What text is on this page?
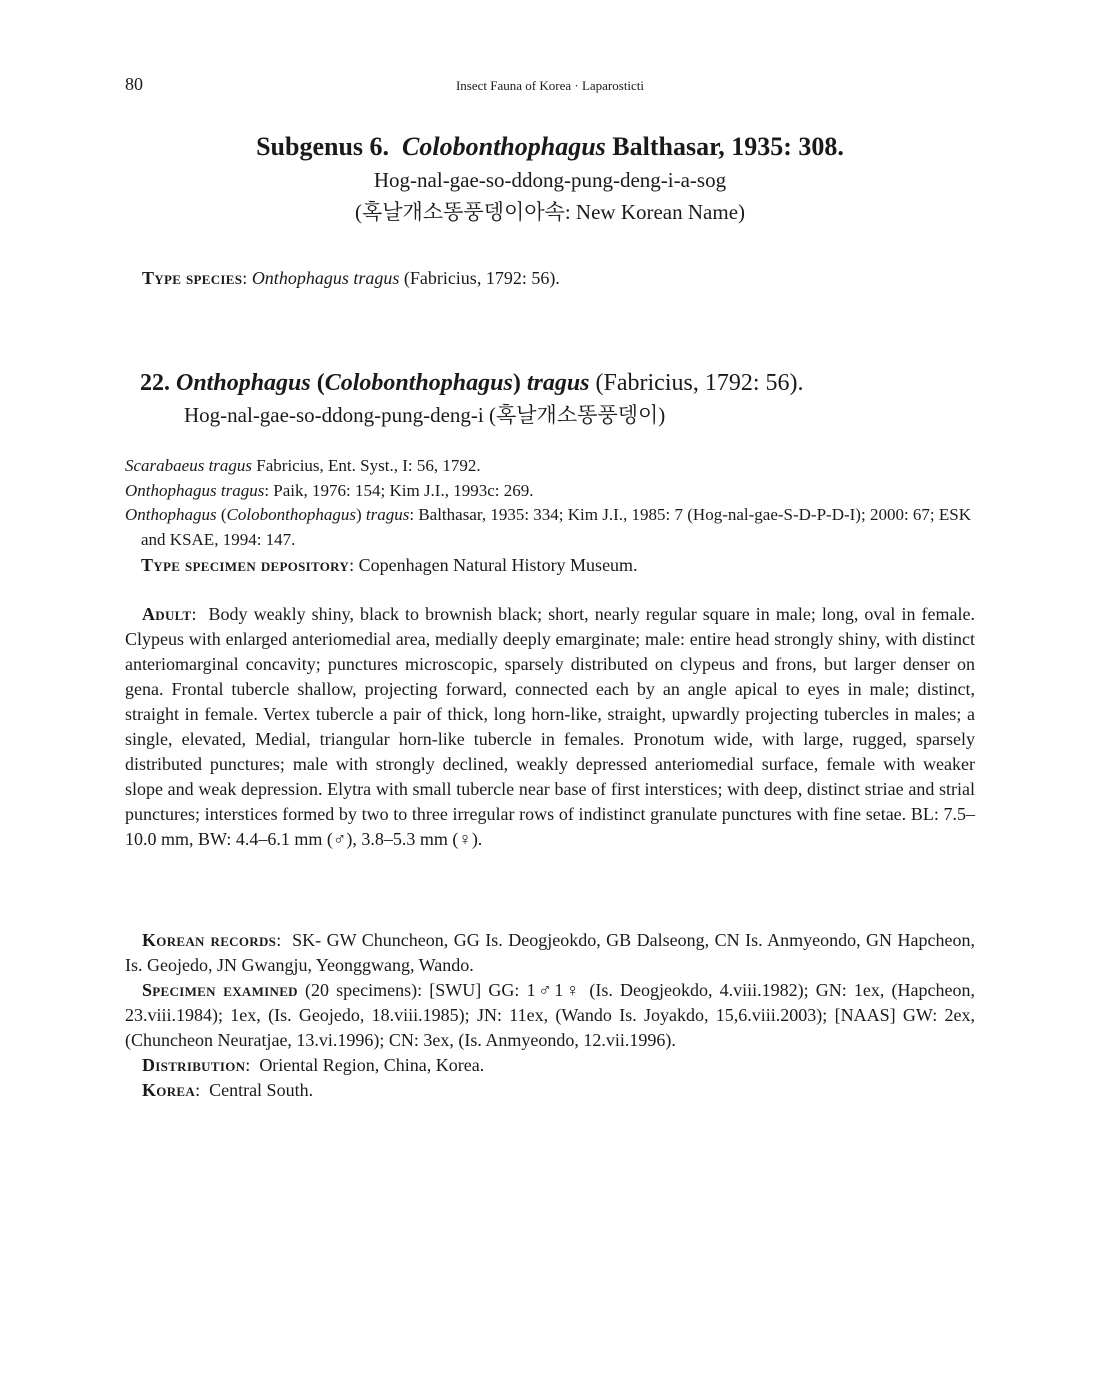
80	Insect Fauna of Korea · Laparosticti
Subgenus 6. Colobonthophagus Balthasar, 1935: 308.
Hog-nal-gae-so-ddong-pung-deng-i-a-sog
(혹날개소똥풍뎅이아속: New Korean Name)
Type species: Onthophagus tragus (Fabricius, 1792: 56).
22. Onthophagus (Colobonthophagus) tragus (Fabricius, 1792: 56).
Hog-nal-gae-so-ddong-pung-deng-i (혹날개소똥풍뎅이)
Scarabaeus tragus Fabricius, Ent. Syst., I: 56, 1792.
Onthophagus tragus: Paik, 1976: 154; Kim J.I., 1993c: 269.
Onthophagus (Colobonthophagus) tragus: Balthasar, 1935: 334; Kim J.I., 1985: 7 (Hog-nal-gae-S-D-P-D-I); 2000: 67; ESK and KSAE, 1994: 147.
Type specimen depository: Copenhagen Natural History Museum.
Adult:  Body weakly shiny, black to brownish black; short, nearly regular square in male; long, oval in female. Clypeus with enlarged anteriomedial area, medially deeply emarginate; male: entire head strongly shiny, with distinct anteriomarginal concavity; punctures microscopic, sparsely distributed on clypeus and frons, but larger denser on gena. Frontal tubercle shallow, projecting forward, connected each by an angle apical to eyes in male; distinct, straight in female. Vertex tubercle a pair of thick, long horn-like, straight, upwardly projecting tubercles in males; a single, elevated, Medial, triangular horn-like tubercle in females. Pronotum wide, with large, rugged, sparsely distributed punctures; male with strongly declined, weakly depressed anteriomedial surface, female with weaker slope and weak depression. Elytra with small tubercle near base of first interstices; with deep, distinct striae and strial punctures; interstices formed by two to three irregular rows of indistinct granulate punctures with fine setae. BL: 7.5–10.0 mm, BW: 4.4–6.1 mm (♂), 3.8–5.3 mm (♀).
Korean records:  SK- GW Chuncheon, GG Is. Deogjeokdo, GB Dalseong, CN Is. Anmyeondo, GN Hapcheon, Is. Geojedo, JN Gwangju, Yeonggwang, Wando.
Specimen examined (20 specimens): [SWU] GG: 1♂1♀ (Is. Deogjeokdo, 4.viii.1982); GN: 1ex, (Hapcheon, 23.viii.1984); 1ex, (Is. Geojedo, 18.viii.1985); JN: 11ex, (Wando Is. Joyakdo, 15,6.viii.2003); [NAAS] GW: 2ex, (Chuncheon Neuratjae, 13.vi.1996); CN: 3ex, (Is. Anmyeondo, 12.vii.1996).
Distribution:  Oriental Region, China, Korea.
Korea:  Central South.
